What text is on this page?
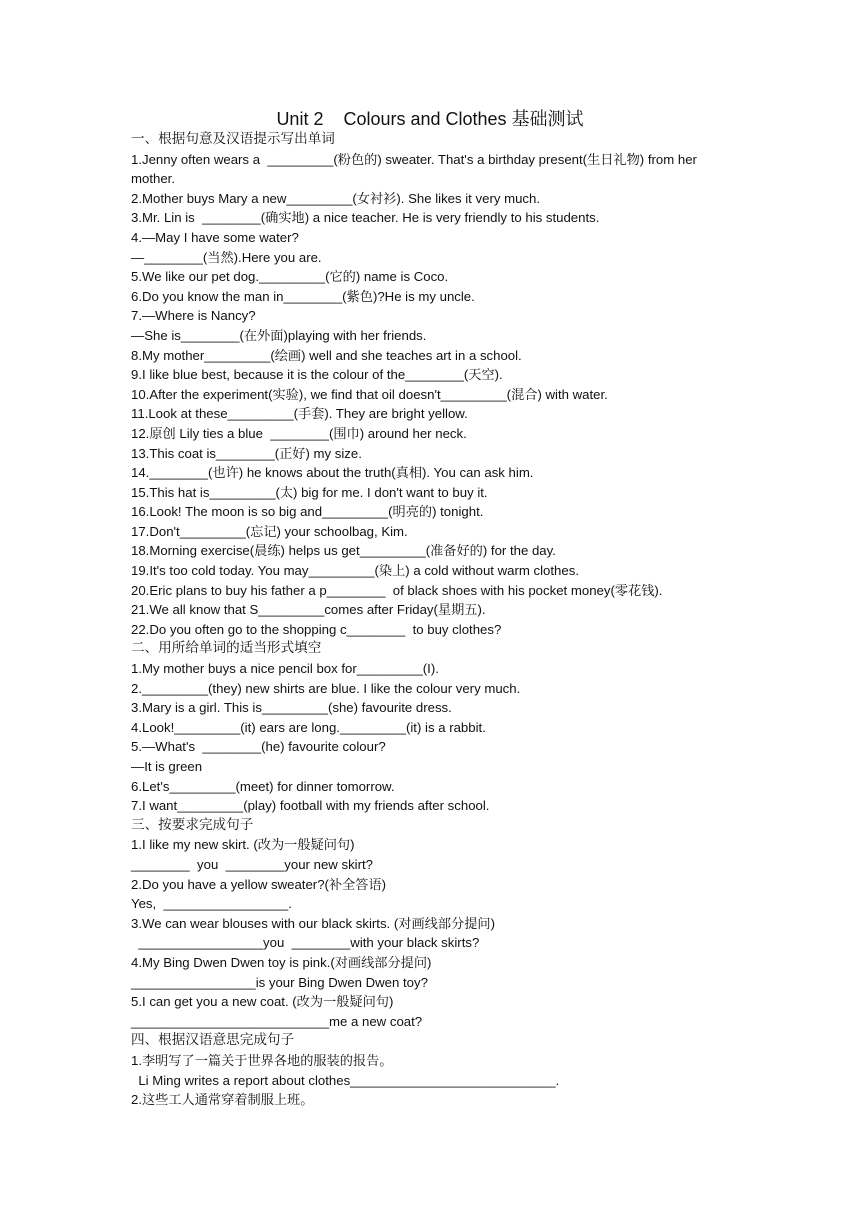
Unit 2    Colours and Clothes 基础测试
一、根据句意及汉语提示写出单词
1.Jenny often wears a  _________(粉色的) sweater. That's a birthday present(生日礼物) from her
mother.
2.Mother buys Mary a new_________(女衬衫). She likes it very much.
3.Mr. Lin is  ________(确实地) a nice teacher. He is very friendly to his students.
4.—May I have some water?
—________(当然).Here you are.
5.We like our pet dog._________(它的) name is Coco.
6.Do you know the man in________(紫色)?He is my uncle.
7.—Where is Nancy?
—She is________(在外面)playing with her friends.
8.My mother_________(绘画) well and she teaches art in a school.
9.I like blue best, because it is the colour of the________(天空).
10.After the experiment(实验), we find that oil doesn't_________(混合) with water.
11.Look at these_________(手套). They are bright yellow.
12.原创 Lily ties a blue  ________(围巾) around her neck.
13.This coat is________(正好) my size.
14.________(也许) he knows about the truth(真相). You can ask him.
15.This hat is_________(太) big for me. I don't want to buy it.
16.Look! The moon is so big and_________(明亮的) tonight.
17.Don't_________(忘记) your schoolbag, Kim.
18.Morning exercise(晨练) helps us get_________(准备好的) for the day.
19.It's too cold today. You may_________(染上) a cold without warm clothes.
20.Eric plans to buy his father a p________  of black shoes with his pocket money(零花钱).
21.We all know that S_________comes after Friday(星期五).
22.Do you often go to the shopping c________  to buy clothes?
二、用所给单词的适当形式填空
1.My mother buys a nice pencil box for_________(I).
2._________(they) new shirts are blue. I like the colour very much.
3.Mary is a girl. This is_________(she) favourite dress.
4.Look!_________(it) ears are long._________(it) is a rabbit.
5.—What's  ________(he) favourite colour?
—It is green
6.Let's_________(meet) for dinner tomorrow.
7.I want_________(play) football with my friends after school.
三、按要求完成句子
1.I like my new skirt. (改为一般疑问句)
________  you  ________your new skirt?
2.Do you have a yellow sweater?(补全答语)
Yes,  _________________.
3.We can wear blouses with our black skirts. (对画线部分提问)
_________________you  ________with your black skirts?
4.My Bing Dwen Dwen toy is pink.(对画线部分提问)
_________________is your Bing Dwen Dwen toy?
5.I can get you a new coat. (改为一般疑问句)
___________________________me a new coat?
四、根据汉语意思完成句子
1.李明写了一篇关于世界各地的服装的报告。
Li Ming writes a report about clothes____________________________.
2.这些工人通常穿着制服上班。
